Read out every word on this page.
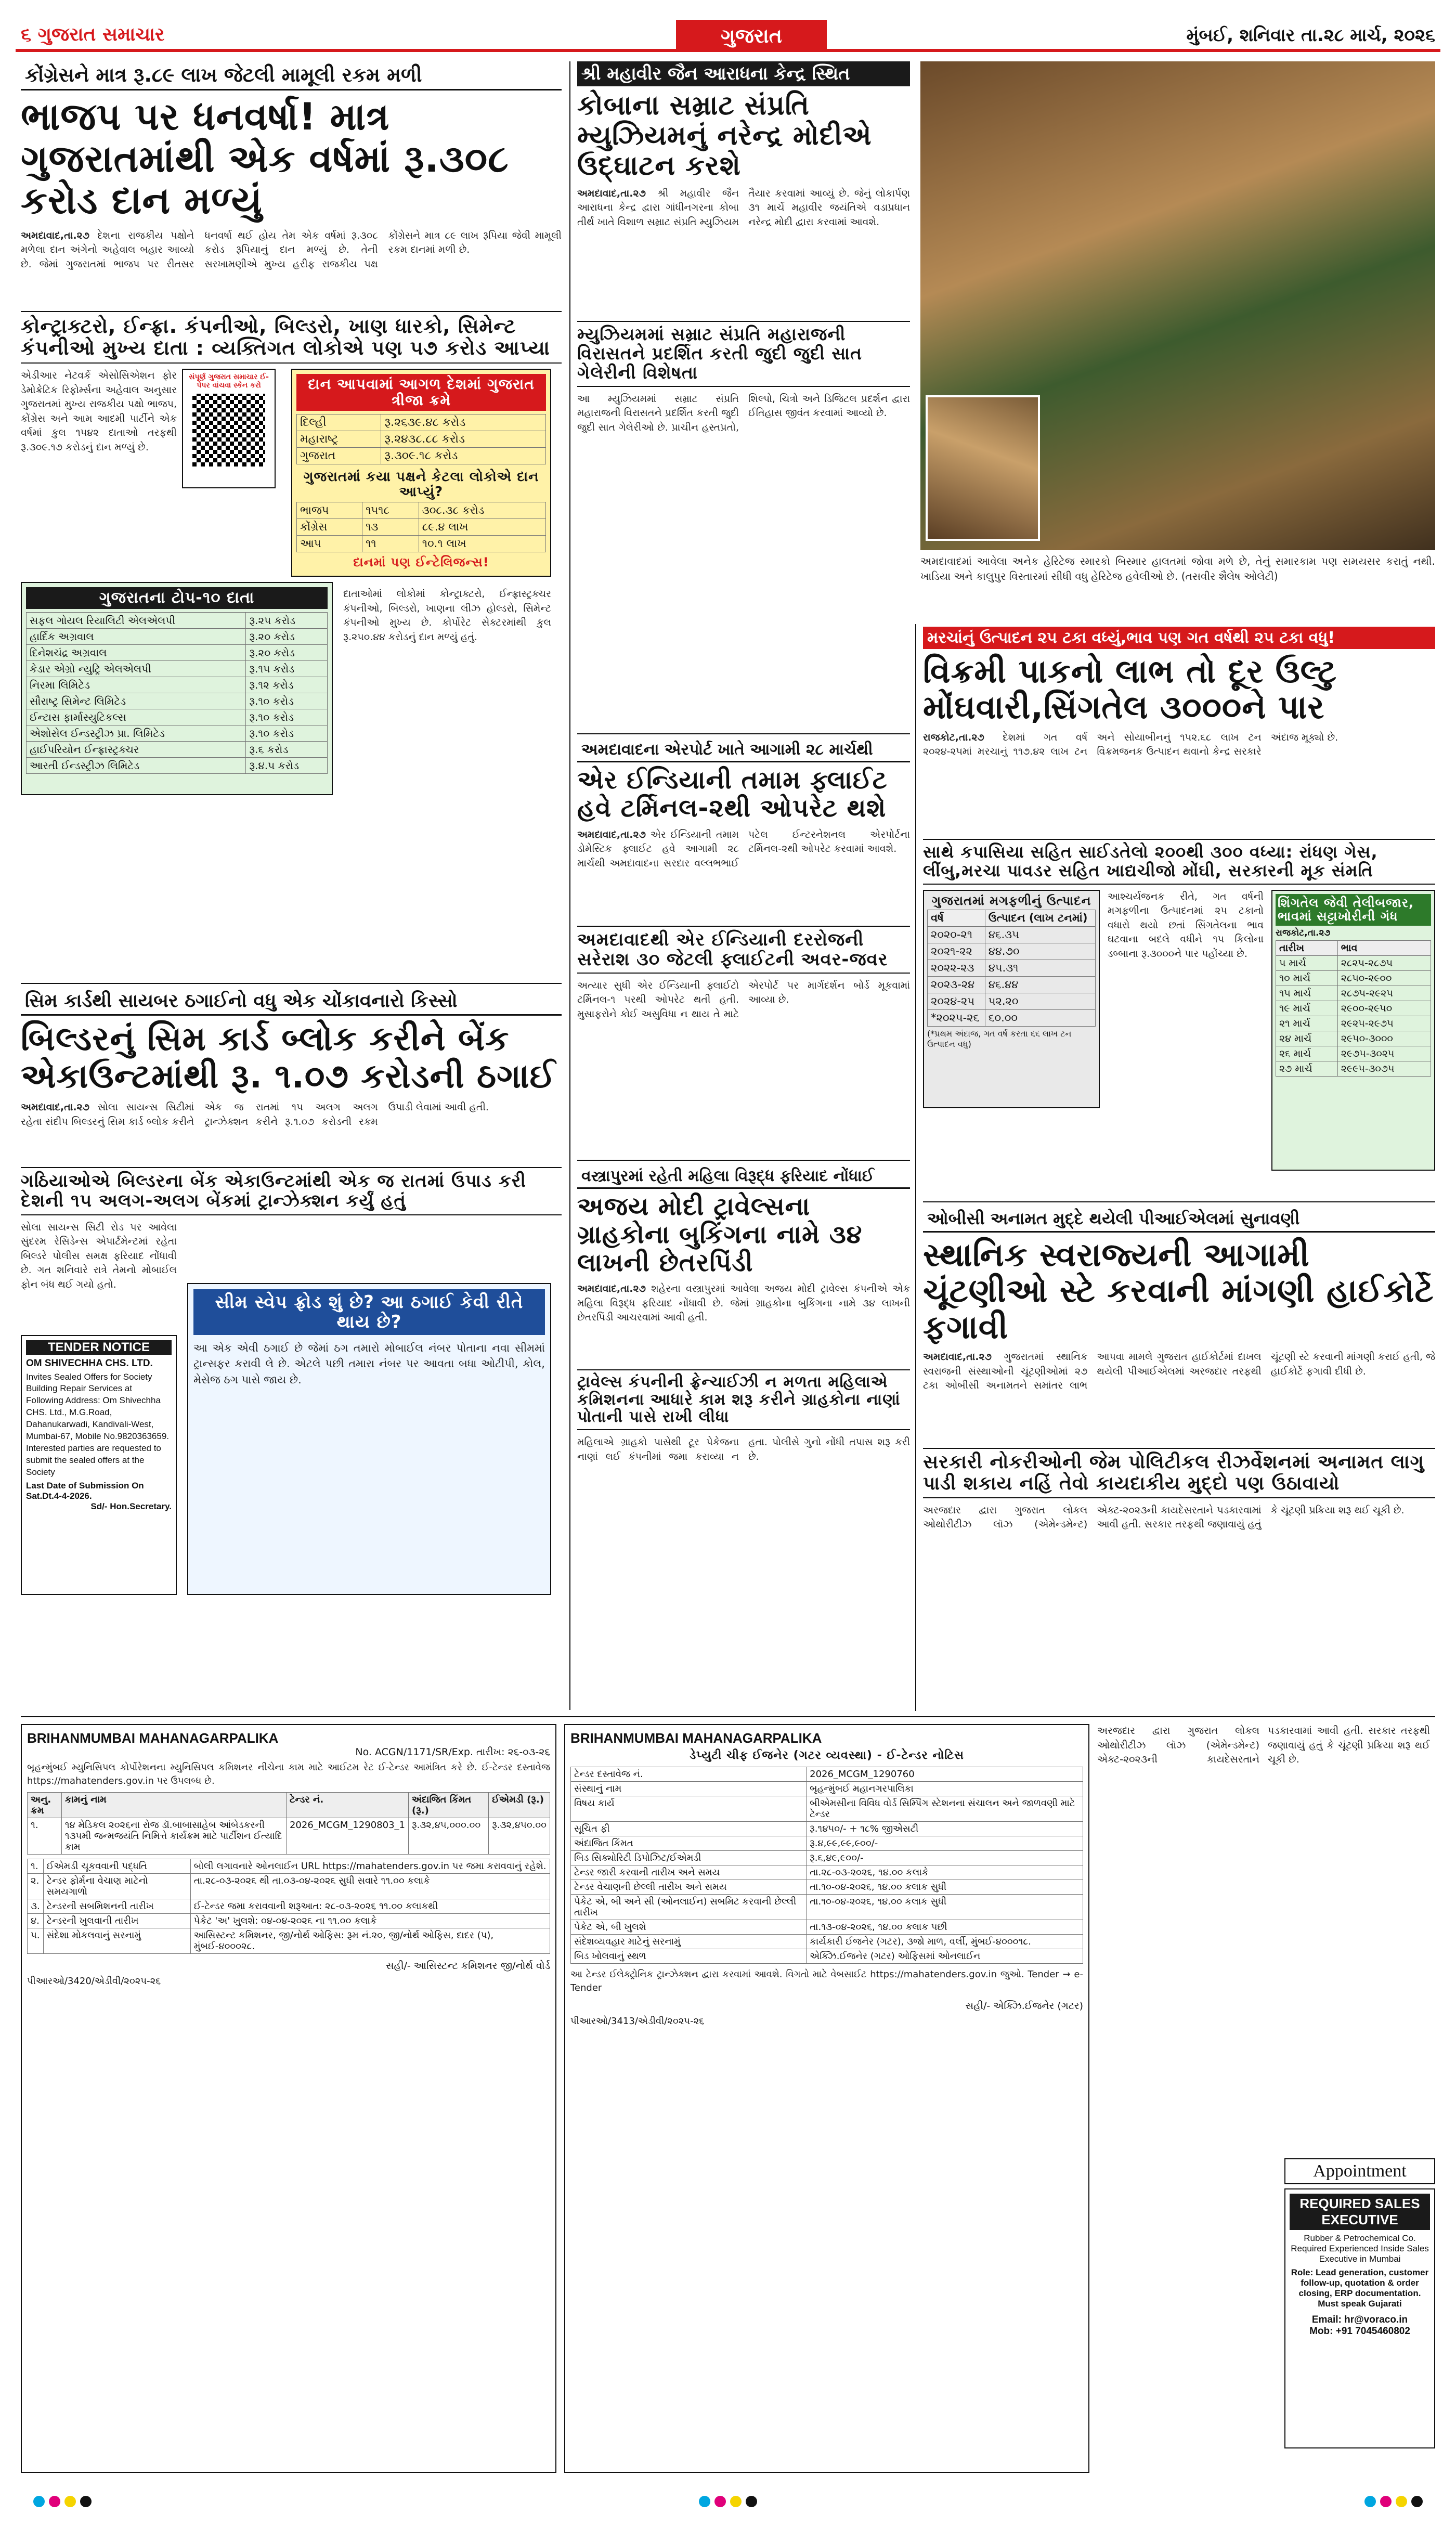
૬ ગુજરાત સમાચાર	ગુજરાત	મુંબઈ, શનિવાર તા.૨૮ માર્ચ, ૨૦૨૬
કોંગ્રેસને માત્ર રૂ.૮૯ લાખ જેટલી મામૂલી રકમ મળી
ભાજપ પર ધનવર્ષા! માત્ર ગુજરાતમાંથી એક વર્ષમાં રૂ.૩૦૮ કરોડ દાન મળ્યું
અમદાવાદ,તા.૨૭ દેશના રાજકીય પક્ષોને મળેલા દાન અંગેનો અહેવાલ બહાર આવ્યો છે. જેમાં ગુજરાતમાં ભાજપ પર રીતસર ધનવર્ષા થઈ હોય તેમ એક વર્ષમાં રૂ.૩૦૮ કરોડ રૂપિયાનું દાન મળ્યું છે. તેની સરખામણીએ મુખ્ય હરીફ રાજકીય પક્ષ કોંગ્રેસને માત્ર ૮૯ લાખ રૂપિયા જેવી મામૂલી રકમ દાનમાં મળી છે.
કોન્ટ્રાક્ટરો, ઈન્ફ્રા. કંપનીઓ, બિલ્ડરો, ખાણ ધારકો, સિમેન્ટ કંપનીઓ મુખ્ય દાતા : વ્યક્તિગત લોકોએ પણ ૫૭ કરોડ આપ્યા
એડીઆર નેટવર્કે એસોસિએશન ફોર ડેમોક્રેટિક રિફોર્મ્સના અહેવાલ અનુસાર ગુજરાતમાં મુખ્ય રાજકીય પક્ષો ભાજપ, કોંગ્રેસ અને આમ આદમી પાર્ટીને એક વર્ષમાં કુલ ૧૫૪૨ દાતાઓ તરફથી રૂ.૩૦૯.૧૭ કરોડનું દાન મળ્યું છે.
સંપૂર્ણ ગુજરાત સમાચાર ઈ-પેપર વાંચવા સ્કેન કરો	દાન આપવામાં આગળ દેશમાં ગુજરાત ત્રીજા ક્રમે
દિલ્હી	રૂ.૨૬૩૯.૪૮ કરોડ
મહારાષ્ટ્ર	રૂ.૨૪૩૮.૮૮ કરોડ
ગુજરાત	રૂ.૩૦૯.૧૮ કરોડ
ગુજરાતમાં કયા પક્ષને કેટલા લોકોએ દાન આપ્યું?
ભાજપ	૧૫૧૮	૩૦૮.૩૮ કરોડ
કોંગ્રેસ	૧૩	૮૯.૪ લાખ
આપ	૧૧	૧૦.૧ લાખ
દાનમાં પણ ઈન્ટેલિજન્સ!
ગુજરાતના ટોપ-૧૦ દાતા
સફલ ગોયલ રિયાલિટી એલએલપી	રૂ.૨૫ કરોડ
હાર્દિક અગ્રવાલ	રૂ.૨૦ કરોડ
દિનેશચંદ્ર અગ્રવાલ	રૂ.૨૦ કરોડ
કેડાર એગ્રો ન્યુટ્રિ એલએલપી	રૂ.૧૫ કરોડ
નિરમા લિમિટેડ	રૂ.૧૨ કરોડ
સૌરાષ્ટ્ર સિમેન્ટ લિમિટેડ	રૂ.૧૦ કરોડ
ઈન્ટાસ ફાર્માસ્યુટિકલ્સ	રૂ.૧૦ કરોડ
એશોસેલ ઈન્ડસ્ટ્રીઝ પ્રા. લિમિટેડ	રૂ.૧૦ કરોડ
હાઈપરિયોન ઈન્ફ્રાસ્ટ્રક્ચર	રૂ.૬ કરોડ
આરતી ઈન્ડસ્ટ્રીઝ લિમિટેડ	રૂ.૪.૫ કરોડ
દાતાઓમાં લોકોમાં કોન્ટ્રાક્ટરો, ઈન્ફ્રાસ્ટ્રક્ચર કંપનીઓ, બિલ્ડરો, ખાણના લીઝ હોલ્ડરો, સિમેન્ટ કંપનીઓ મુખ્ય છે. કોર્પોરેટ સેક્ટરમાંથી કુલ રૂ.૨૫૦.૪૪ કરોડનું દાન મળ્યું હતું.
સિમ કાર્ડથી સાયબર ઠગાઈનો વધુ એક ચોંકાવનારો કિસ્સો
બિલ્ડરનું સિમ કાર્ડ બ્લોક કરીને બેંક એકાઉન્ટમાંથી રૂ. ૧.૦૭ કરોડની ઠગાઈ
અમદાવાદ,તા.૨૭ સોલા સાયન્સ સિટીમાં રહેતા સંદીપ બિલ્ડરનું સિમ કાર્ડ બ્લોક કરીને એક જ રાતમાં ૧૫ અલગ અલગ ટ્રાન્ઝેક્શન કરીને રૂ.૧.૦૭ કરોડની રકમ ઉપાડી લેવામાં આવી હતી.
ગઠિયાઓએ બિલ્ડરના બેંક એકાઉન્ટમાંથી એક જ રાતમાં ઉપાડ કરી દેશની ૧૫ અલગ-અલગ બેંકમાં ટ્રાન્ઝેક્શન કર્યું હતું
સોલા સાયન્સ સિટી રોડ પર આવેલા સુંદરમ રેસિડેન્સ એપાર્ટમેન્ટમાં રહેતા બિલ્ડરે પોલીસ સમક્ષ ફરિયાદ નોંધાવી છે. ગત શનિવારે રાત્રે તેમનો મોબાઈલ ફોન બંધ થઈ ગયો હતો.
સીમ સ્વેપ ફ્રોડ શું છે? આ ઠગાઈ કેવી રીતે થાય છે?
આ એક એવી ઠગાઈ છે જેમાં ઠગ તમારો મોબાઈલ નંબર પોતાના નવા સીમમાં ટ્રાન્સફર કરાવી લે છે. એટલે પછી તમારા નંબર પર આવતા બધા ઓટીપી, કોલ, મેસેજ ઠગ પાસે જાય છે.
TENDER NOTICE
OM SHIVECHHA CHS. LTD.
Invites Sealed Offers for Society Building Repair Services at Following Address: Om Shivechha CHS. Ltd., M.G.Road, Dahanukarwadi, Kandivali-West, Mumbai-67, Mobile No.9820363659. Interested parties are requested to submit the sealed offers at the Society
Last Date of Submission On Sat.Dt.4-4-2026.
Sd/- Hon.Secretary.
શ્રી મહાવીર જૈન આરાધના કેન્દ્ર સ્થિત
કોબાના સમ્રાટ સંપ્રતિ મ્યુઝિયમનું નરેન્દ્ર મોદીએ ઉદ્ઘાટન કરશે
અમદાવાદ,તા.૨૭ શ્રી મહાવીર જૈન આરાધના કેન્દ્ર દ્વારા ગાંધીનગરના કોબા તીર્થ ખાતે વિશાળ સમ્રાટ સંપ્રતિ મ્યુઝિયમ તૈયાર કરવામાં આવ્યું છે. જેનું લોકાર્પણ ૩૧ માર્ચે મહાવીર જયંતિએ વડાપ્રધાન નરેન્દ્ર મોદી દ્વારા કરવામાં આવશે.
મ્યુઝિયમમાં સમ્રાટ સંપ્રતિ મહારાજની વિરાસતને પ્રદર્શિત કરતી જુદી જુદી સાત ગેલેરીની વિશેષતા
આ મ્યુઝિયમમાં સમ્રાટ સંપ્રતિ મહારાજની વિરાસતને પ્રદર્શિત કરતી જુદી જુદી સાત ગેલેરીઓ છે. પ્રાચીન હસ્તપ્રતો, શિલ્પો, ચિત્રો અને ડિજિટલ પ્રદર્શન દ્વારા ઈતિહાસ જીવંત કરવામાં આવ્યો છે.
અમદાવાદમાં આવેલા અનેક હેરિટેજ સ્મારકો બિસ્માર હાલતમાં જોવા મળે છે, તેનું સમારકામ પણ સમયસર કરાતું નથી. ખાડિયા અને કાલુપુર વિસ્તારમાં સીધી વધુ હેરિટેજ હવેલીઓ છે. (તસવીર શૈલેષ ઓલેટી)
અમદાવાદના એરપોર્ટ ખાતે આગામી ૨૮ માર્ચથી
એર ઈન્ડિયાની તમામ ફ્લાઈટ હવે ટર્મિનલ-૨થી ઓપરેટ થશે
અમદાવાદ,તા.૨૭ એર ઈન્ડિયાની તમામ ડોમેસ્ટિક ફ્લાઈટ હવે આગામી ૨૮ માર્ચથી અમદાવાદના સરદાર વલ્લભભાઈ પટેલ ઈન્ટરનેશનલ એરપોર્ટના ટર્મિનલ-૨થી ઓપરેટ કરવામાં આવશે.
અમદાવાદથી એર ઈન્ડિયાની દરરોજની સરેરાશ ૩૦ જેટલી ફ્લાઈટની અવર-જવર
અત્યાર સુધી એર ઈન્ડિયાની ફ્લાઈટો ટર્મિનલ-૧ પરથી ઓપરેટ થતી હતી. મુસાફરોને કોઈ અસુવિધા ન થાય તે માટે એરપોર્ટ પર માર્ગદર્શન બોર્ડ મૂકવામાં આવ્યા છે.
વસ્ત્રાપુરમાં રહેતી મહિલા વિરૂદ્ધ ફરિયાદ નોંધાઈ
અજય મોદી ટ્રાવેલ્સના ગ્રાહકોના બુકિંગના નામે ૩૪ લાખની છેતરપિંડી
અમદાવાદ,તા.૨૭ શહેરના વસ્ત્રાપુરમાં આવેલા અજય મોદી ટ્રાવેલ્સ કંપનીએ એક મહિલા વિરૂદ્ધ ફરિયાદ નોંધાવી છે. જેમાં ગ્રાહકોના બુકિંગના નામે ૩૪ લાખની છેતરપિંડી આચરવામાં આવી હતી.
ટ્રાવેલ્સ કંપનીની ફ્રેન્ચાઈઝી ન મળતા મહિલાએ કમિશનના આધારે કામ શરૂ કરીને ગ્રાહકોના નાણાં પોતાની પાસે રાખી લીધા
મહિલાએ ગ્રાહકો પાસેથી ટૂર પેકેજના નાણાં લઈ કંપનીમાં જમા કરાવ્યા ન હતા. પોલીસે ગુનો નોંધી તપાસ શરૂ કરી છે.
મરચાંનું ઉત્પાદન ૨૫ ટકા વધ્યું,ભાવ પણ ગત વર્ષથી ૨૫ ટકા વધુ!
વિક્રમી પાકનો લાભ તો દૂર ઉલ્ટુ મોંઘવારી,સિંગતેલ ૩૦૦૦ને પાર
રાજકોટ,તા.૨૭ દેશમાં ગત વર્ષ ૨૦૨૪-૨૫માં મરચાનું ૧૧૭.૪૨ લાખ ટન અને સોયાબીનનું ૧૫૨.૬૮ લાખ ટન વિક્રમજનક ઉત્પાદન થવાનો કેન્દ્ર સરકારે અંદાજ મૂક્યો છે.
સાથે કપાસિયા સહિત સાઈડતેલો ૨૦૦થી ૩૦૦ વધ્યા: રાંધણ ગેસ, લીંબુ,મરચા પાવડર સહિત ખાદ્યચીજો મોંઘી, સરકારની મૂક સંમતિ
ગુજરાતમાં મગફળીનું ઉત્પાદન
વર્ષ	ઉત્પાદન (લાખ ટનમાં)
૨૦૨૦-૨૧	૪૬.૩૫
૨૦૨૧-૨૨	૪૪.૭૦
૨૦૨૨-૨૩	૪૫.૩૧
૨૦૨૩-૨૪	૪૬.૪૪
૨૦૨૪-૨૫	૫૨.૨૦
*૨૦૨૫-૨૬	૬૦.૦૦
(*પ્રથમ અંદાજ, ગત વર્ષ કરતા ૬૬ લાખ ટન ઉત્પાદન વધુ)
આશ્ચર્યજનક રીતે, ગત વર્ષની મગફળીના ઉત્પાદનમાં ૨૫ ટકાનો વધારો થયો છતાં સિંગતેલના ભાવ ઘટવાના બદલે વધીને ૧૫ કિલોના ડબ્બાના રૂ.૩૦૦૦ને પાર પહોંચ્યા છે.
શિંગતેલ જેવી તેલીબજાર, ભાવમાં સટ્ટાખોરીની ગંધ
રાજકોટ,તા.૨૭
તારીખ	ભાવ
૫ માર્ચ	૨૮૨૫-૨૮૭૫
૧૦ માર્ચ	૨૮૫૦-૨૯૦૦
૧૫ માર્ચ	૨૮૭૫-૨૯૨૫
૧૯ માર્ચ	૨૯૦૦-૨૯૫૦
૨૧ માર્ચ	૨૯૨૫-૨૯૭૫
૨૪ માર્ચ	૨૯૫૦-૩૦૦૦
૨૬ માર્ચ	૨૯૭૫-૩૦૨૫
૨૭ માર્ચ	૨૯૯૫-૩૦૭૫
ઓબીસી અનામત મુદ્દે થયેલી પીઆઈએલમાં સુનાવણી
સ્થાનિક સ્વરાજ્યની આગામી ચૂંટણીઓ સ્ટે કરવાની માંગણી હાઈકોર્ટે ફગાવી
અમદાવાદ,તા.૨૭ ગુજરાતમાં સ્થાનિક સ્વરાજની સંસ્થાઓની ચૂંટણીઓમાં ૨૭ ટકા ઓબીસી અનામતને સમાંતર લાભ આપવા મામલે ગુજરાત હાઈકોર્ટમાં દાખલ થયેલી પીઆઈએલમાં અરજદાર તરફથી ચૂંટણી સ્ટે કરવાની માંગણી કરાઈ હતી, જે હાઈકોર્ટે ફગાવી દીધી છે.
સરકારી નોકરીઓની જેમ પોલિટીકલ રીઝર્વેશનમાં અનામત લાગુ પાડી શકાય નહિં તેવો કાયદાકીય મુદ્દો પણ ઉઠાવાયો
અરજદાર દ્વારા ગુજરાત લોકલ ઓથોરીટીઝ લૉઝ (એમેન્ડમેન્ટ) એક્ટ-૨૦૨૩ની કાયદેસરતાને પડકારવામાં આવી હતી. સરકાર તરફથી જણાવાયું હતું કે ચૂંટણી પ્રક્રિયા શરૂ થઈ ચૂકી છે.
BRIHANMUMBAI MAHANAGARPALIKA
No. ACGN/1171/SR/Exp. તારીખ: ૨૬-૦૩-૨૬
બૃહન્મુંબઈ મ્યુનિસિપલ કોર્પોરેશનના મ્યુનિસિપલ કમિશનર નીચેના કામ માટે આઈટમ રેટ ઈ-ટેન્ડર આમંત્રિત કરે છે. ઈ-ટેન્ડર દસ્તાવેજ https://mahatenders.gov.in પર ઉપલબ્ધ છે.
અનુ. ક્રમ	કામનું નામ	ટેન્ડર નં.	અંદાજિત કિંમત (રૂ.)	ઈએમડી (રૂ.)
૧.	૧૪ મેડિકલ ૨૦૨૬ના રોજ ડૉ.બાબાસાહેબ આંબેડકરની ૧૩૫મી જન્મજયંતિ નિમિત્તે કાર્યક્રમ માટે પાર્ટીશન ઈત્યાદિ કામ	2026_MCGM_1290803_1	રૂ.૩૨,૪૫,૦૦૦.૦૦	રૂ.૩૨,૪૫૦.૦૦
૧.	ઈએમડી ચૂકવવાની પદ્ધતિ	બોલી લગાવનારે ઓનલાઈન URL https://mahatenders.gov.in પર જમા કરાવવાનું રહેશે.
૨.	ટેન્ડર ફોર્મના વેચાણ માટેનો સમયગાળો	તા.૨૮-૦૩-૨૦૨૬ થી તા.૦૩-૦૪-૨૦૨૬ સુધી સવારે ૧૧.૦૦ કલાકે
૩.	ટેન્ડરની સબમિશનની તારીખ	ઈ-ટેન્ડર જમા કરાવવાની શરૂઆત: ૨૮-૦૩-૨૦૨૬ ૧૧.૦૦ કલાકથી
૪.	ટેન્ડરની ખુલવાની તારીખ	પેકેટ 'અ' ખુલશે: ૦૪-૦૪-૨૦૨૬ ના ૧૧.૦૦ કલાકે
૫.	સંદેશા મોકલવાનું સરનામું	આસિસ્ટન્ટ કમિશનર, જી/નોર્થ ઓફિસ: રૂમ નં.૨૦, જી/નોર્થ ઓફિસ, દાદર (પ), મુંબઈ-૪૦૦૦૨૮.
સહી/- આસિસ્ટન્ટ કમિશનર જી/નોર્થ વોર્ડ
પીઆરઓ/3420/એડીવી/૨૦૨૫-૨૬
BRIHANMUMBAI MAHANAGARPALIKA
ડેપ્યુટી ચીફ ઈજનેર (ગટર વ્યવસ્થા) - ઈ-ટેન્ડર નોટિસ
ટેન્ડર દસ્તાવેજ નં.	2026_MCGM_1290760
સંસ્થાનું નામ	બૃહન્મુંબઈ મહાનગરપાલિકા
વિષય કાર્ય	બીએમસીના વિવિધ વોર્ડ સિમ્પિંગ સ્ટેશનના સંચાલન અને જાળવણી માટે ટેન્ડર
સૂચિત ફી	રૂ.૧૪૫૦/- + ૧૮% જીએસટી
અંદાજિત કિંમત	રૂ.૪,૯૯,૯૯,૯૦૦/-
બિડ સિક્યોરિટી ડિપોઝિટ/ઈએમડી	રૂ.૬,૪૯,૯૦૦/-
ટેન્ડર જારી કરવાની તારીખ અને સમય	તા.૨૮-૦૩-૨૦૨૬, ૧૪.૦૦ કલાકે
ટેન્ડર વેચાણની છેલ્લી તારીખ અને સમય	તા.૧૦-૦૪-૨૦૨૬, ૧૪.૦૦ કલાક સુધી
પેકેટ એ, બી અને સી (ઓનલાઈન) સબમિટ કરવાની છેલ્લી તારીખ	તા.૧૦-૦૪-૨૦૨૬, ૧૪.૦૦ કલાક સુધી
પેકેટ એ, બી ખુલશે	તા.૧૩-૦૪-૨૦૨૬, ૧૪.૦૦ કલાક પછી
સંદેશવ્યવહાર માટેનું સરનામું	કાર્યકારી ઈજનેર (ગટર), ૩જો માળ, વર્લી, મુંબઈ-૪૦૦૦૧૮.
બિડ ખોલવાનું સ્થળ	એક્ઝિ.ઈજનેર (ગટર) ઓફિસમાં ઓનલાઈન
આ ટેન્ડર ઈલેક્ટ્રોનિક ટ્રાન્ઝેક્શન દ્વારા કરવામાં આવશે. વિગતો માટે વેબસાઈટ https://mahatenders.gov.in જુઓ. Tender → e-Tender
સહી/- એક્ઝિ.ઈજનેર (ગટર)
પીઆરઓ/3413/એડીવી/૨૦૨૫-૨૬
અરજદાર દ્વારા ગુજરાત લોકલ ઓથોરીટીઝ લૉઝ (એમેન્ડમેન્ટ) એક્ટ-૨૦૨૩ની કાયદેસરતાને પડકારવામાં આવી હતી. સરકાર તરફથી જણાવાયું હતું કે ચૂંટણી પ્રક્રિયા શરૂ થઈ ચૂકી છે.
Appointment
REQUIRED SALES EXECUTIVE
Rubber & Petrochemical Co. Required Experienced Inside Sales Executive in Mumbai
Role: Lead generation, customer follow-up, quotation & order closing, ERP documentation. Must speak Gujarati
Email: hr@voraco.in
Mob: +91 7045460802
